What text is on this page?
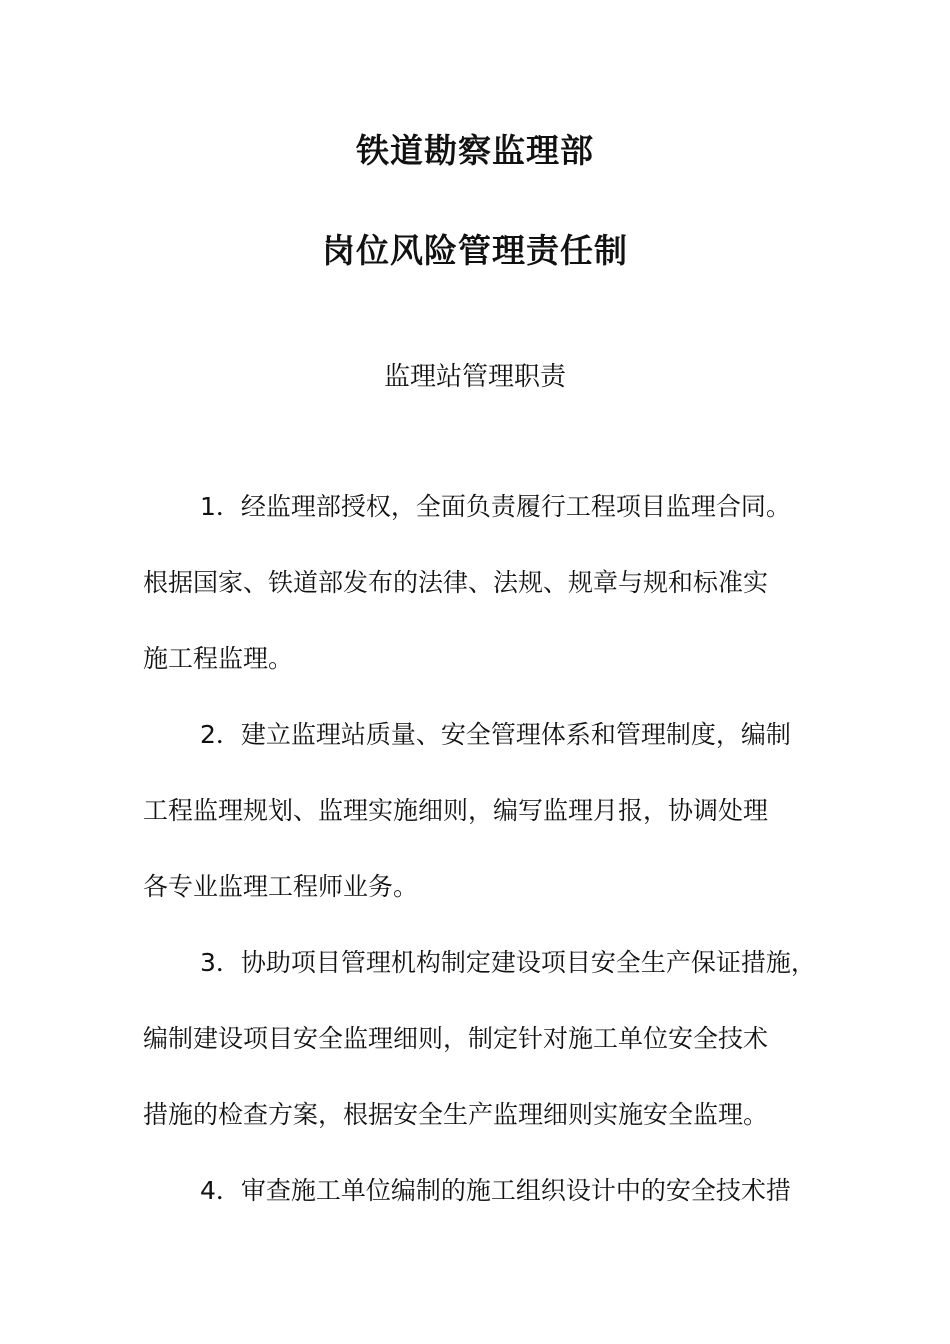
铁道勘察监理部
岗位风险管理责任制
监理站管理职责
1．经监理部授权，全面负责履行工程项目监理合同。
根据国家、铁道部发布的法律、法规、规章与规和标准实
施工程监理。
2．建立监理站质量、安全管理体系和管理制度，编制
工程监理规划、监理实施细则，编写监理月报，协调处理
各专业监理工程师业务。
3．协助项目管理机构制定建设项目安全生产保证措施，
编制建设项目安全监理细则，制定针对施工单位安全技术
措施的检查方案，根据安全生产监理细则实施安全监理。
4．审查施工单位编制的施工组织设计中的安全技术措
